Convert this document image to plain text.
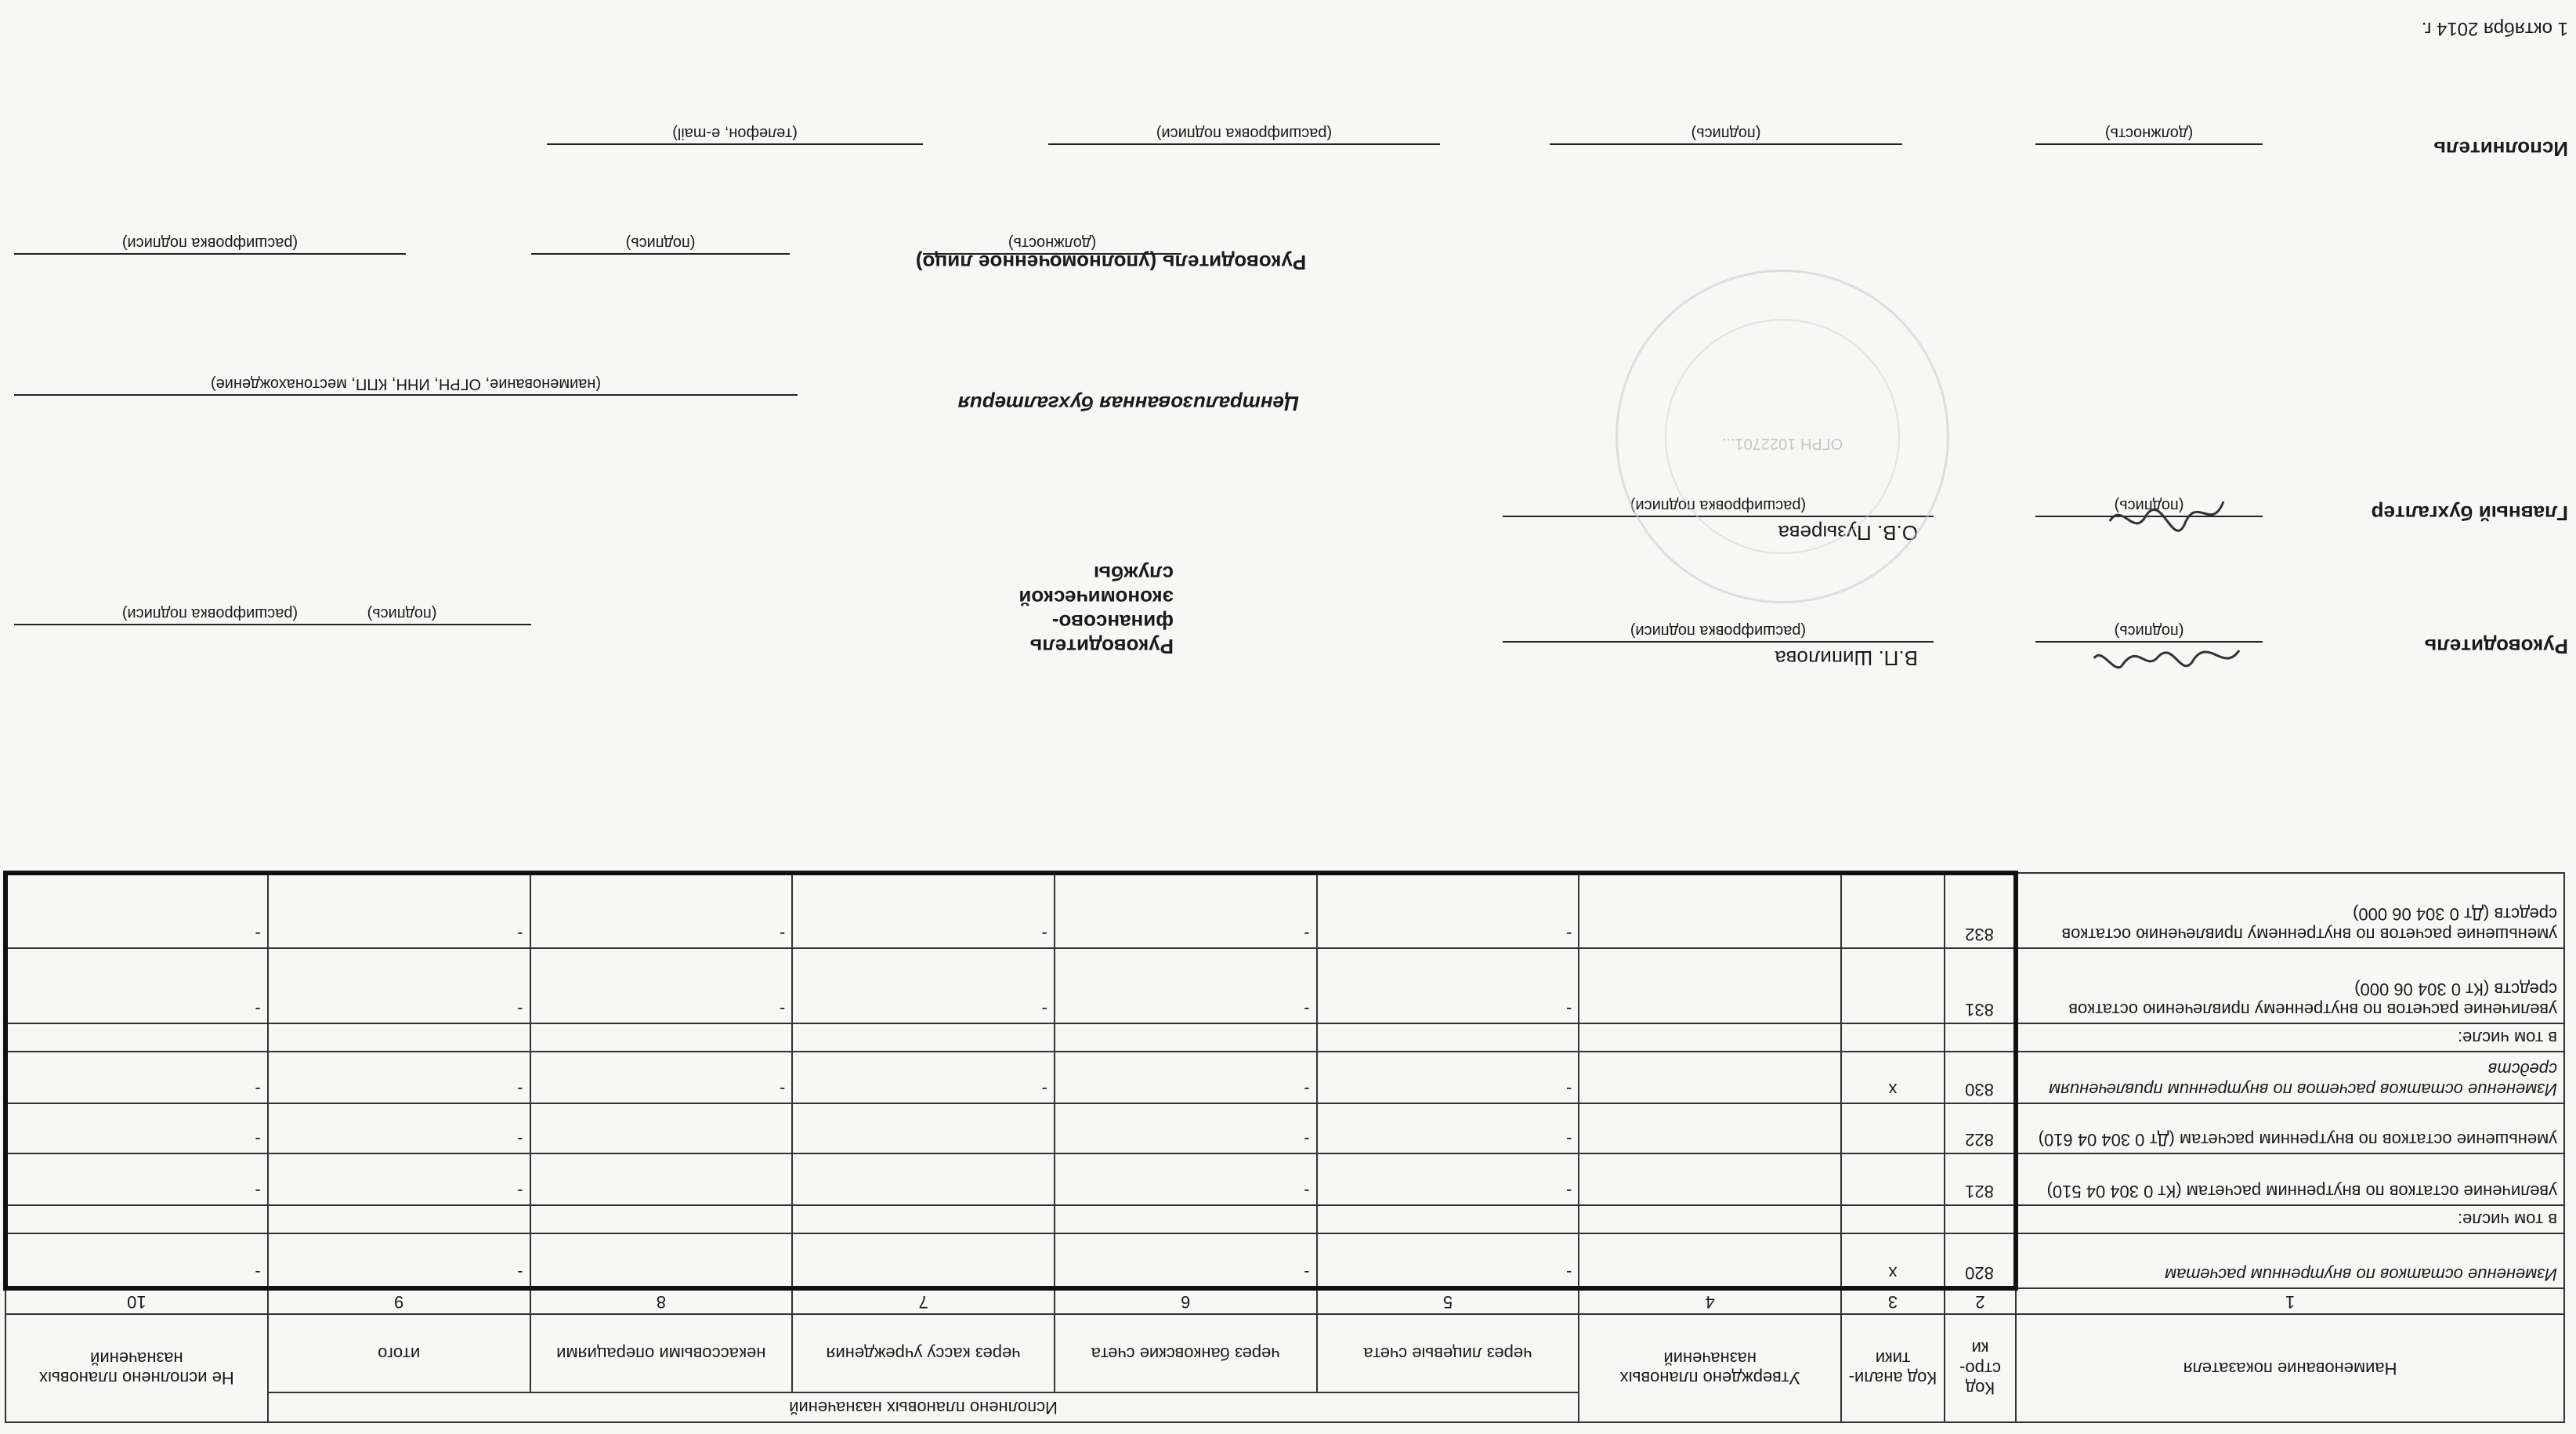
Наименование показателя	Код стро-ки	Код анали-тики	Утверждено плановых назначений	Исполнено плановых назначений					Не исполнено плановых назначений
				через лицевые счета	через банковские счета	через кассу учреждения	некассовыми операциями	итого	
1	2	3	4	5	6	7	8	9	10
Изменение остатков по внутренним расчетам	820	x		-	-			-	-
в том числе:									
увеличение остатков по внутренним расчетам (Кт 0 304 04 510)	821			-	-			-	-
уменьшение остатков по внутренним расчетам (Дт 0 304 04 610)	822			-	-			-	-
Изменение остатков расчетов по внутренним привлечениям средств	830	x		-	-	-	-	-	-
в том числе:									
увеличение расчетов по внутреннему привлечению остатков средств (Кт 0 304 06 000)	831			-	-	-	-	-	-
уменьшение расчетов по внутреннему привлечению остатков средств (Дт 0 304 06 000)	832			-	-	-	-	-	-
Руководитель
(подпись)
В.П. Шипилова
(расшифровка подписи)
Руководитель финансово-экономической службы
(подпись)
(расшифровка подписи)
Главный бухгалтер
(подпись)
О.В. Пузырева
(расшифровка подписи)
ОГРН 1022701...
Централизованная бухгалтерия
(наименование, ОГРН, ИНН, КПП, местонахождение)
Руководитель (уполномоченное лицо)
(должность)
(подпись)
(расшифровка подписи)
Исполнитель
(должность)
(подпись)
(расшифровка подписи)
(телефон, e-mail)
1 октября 2014 г.
